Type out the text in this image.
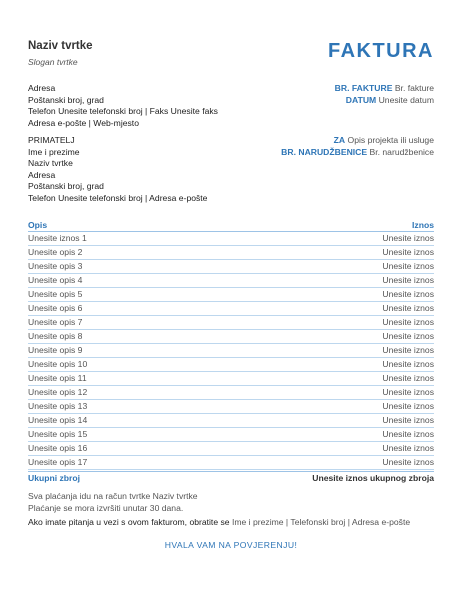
Naziv tvrtke
Slogan tvrtke	FAKTURA
Adresa
Poštanski broj, grad
Telefon Unesite telefonski broj | Faks Unesite faks
Adresa e-pošte | Web-mjesto
BR. FAKTURE Br. fakture
DATUM Unesite datum
PRIMATELJ
Ime i prezime
Naziv tvrtke
Adresa
Poštanski broj, grad
Telefon Unesite telefonski broj | Adresa e-pošte
ZA Opis projekta ili usluge
BR. NARUDŽBENICE Br. narudžbenice
Opis	Iznos
Unesite iznos 1	Unesite iznos
Unesite opis 2	Unesite iznos
Unesite opis 3	Unesite iznos
Unesite opis 4	Unesite iznos
Unesite opis 5	Unesite iznos
Unesite opis 6	Unesite iznos
Unesite opis 7	Unesite iznos
Unesite opis 8	Unesite iznos
Unesite opis 9	Unesite iznos
Unesite opis 10	Unesite iznos
Unesite opis 11	Unesite iznos
Unesite opis 12	Unesite iznos
Unesite opis 13	Unesite iznos
Unesite opis 14	Unesite iznos
Unesite opis 15	Unesite iznos
Unesite opis 16	Unesite iznos
Unesite opis 17	Unesite iznos
Ukupni zbroj	Unesite iznos ukupnog zbroja
Sva plaćanja idu na račun tvrtke Naziv tvrtke
Plaćanje se mora izvršiti unutar 30 dana.
Ako imate pitanja u vezi s ovom fakturom, obratite se Ime i prezime | Telefonski broj | Adresa e-pošte
HVALA VAM NA POVJERENJU!
